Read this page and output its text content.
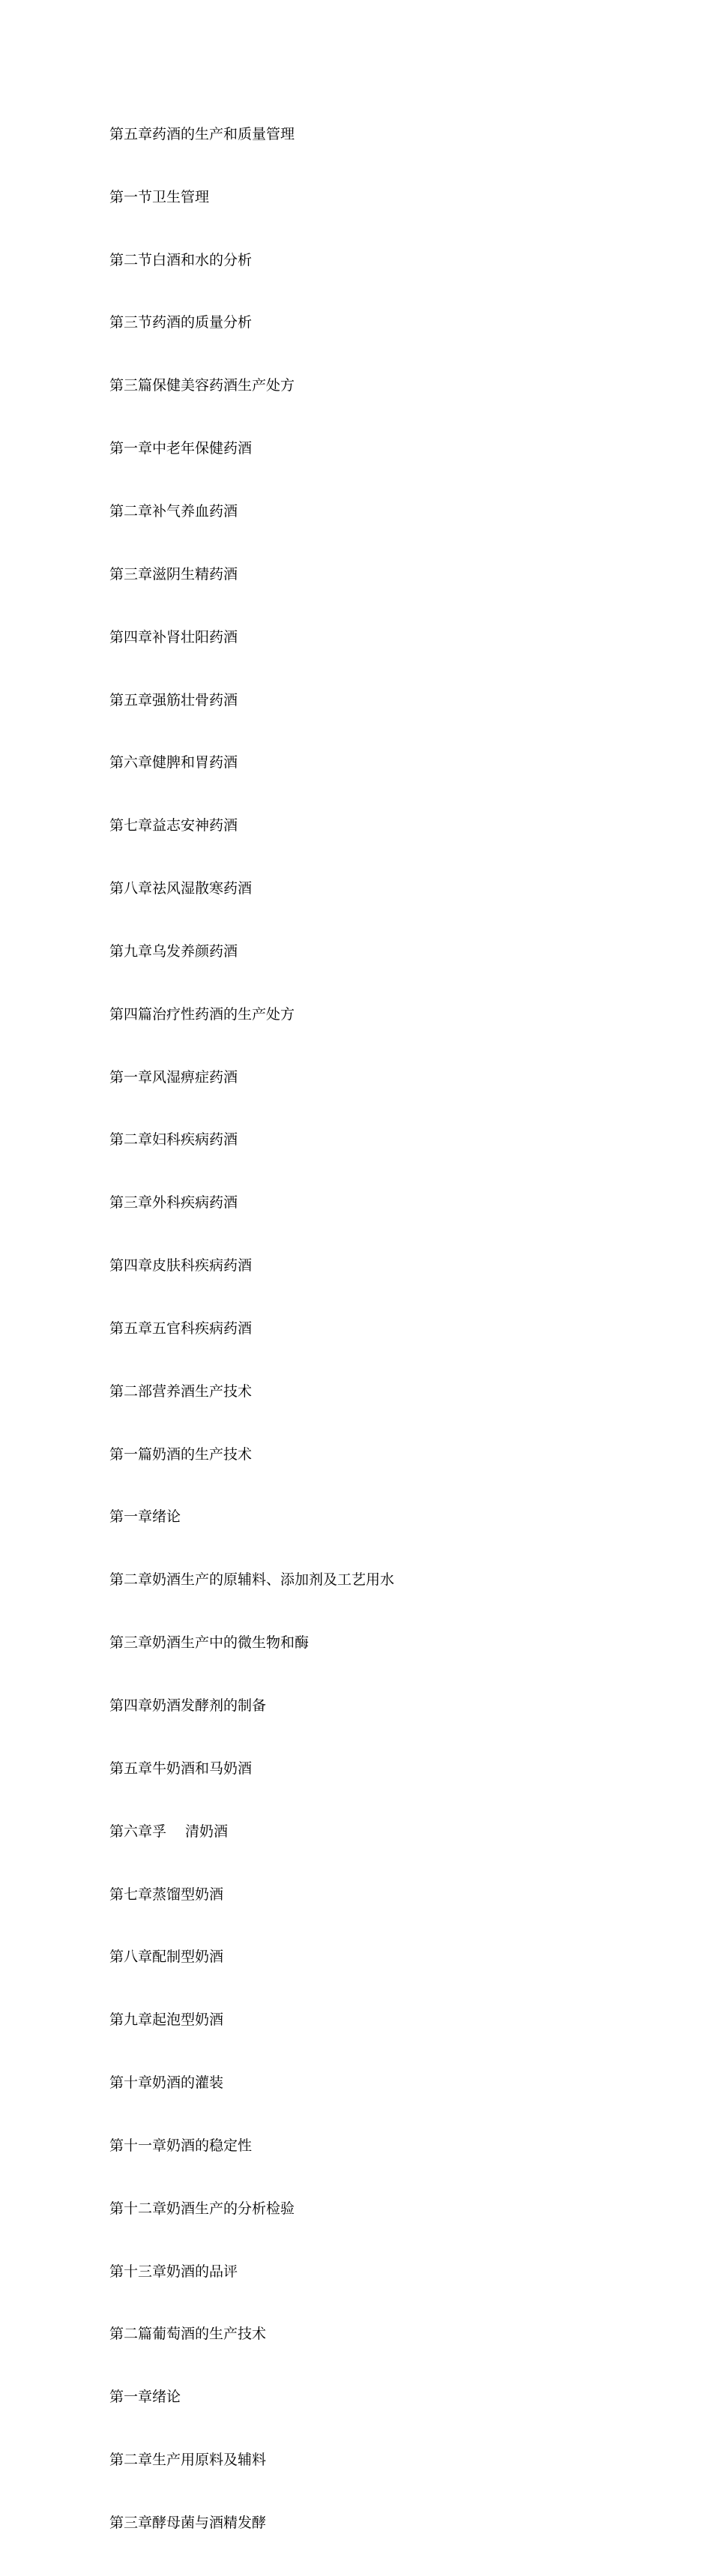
第五章药酒的生产和质量管理

第一节卫生管理

第二节白酒和水的分析

第三节药酒的质量分析

第三篇保健美容药酒生产处方

第一章中老年保健药酒

第二章补气养血药酒

第三章滋阴生精药酒

第四章补肾壮阳药酒

第五章强筋壮骨药酒

第六章健脾和胃药酒

第七章益志安神药酒

第八章祛风湿散寒药酒

第九章乌发养颜药酒

第四篇治疗性药酒的生产处方

第一章风湿痹症药酒

第二章妇科疾病药酒

第三章外科疾病药酒

第四章皮肤科疾病药酒

第五章五官科疾病药酒

第二部营养酒生产技术

第一篇奶酒的生产技术

第一章绪论

第二章奶酒生产的原辅料、添加剂及工艺用水

第三章奶酒生产中的微生物和酶

第四章奶酒发酵剂的制备

第五章牛奶酒和马奶酒

第六章孚　 清奶酒

第七章蒸馏型奶酒

第八章配制型奶酒

第九章起泡型奶酒

第十章奶酒的灌装

第十一章奶酒的稳定性

第十二章奶酒生产的分析检验

第十三章奶酒的品评

第二篇葡萄酒的生产技术

第一章绪论

第二章生产用原料及辅料

第三章酵母菌与酒精发酵
